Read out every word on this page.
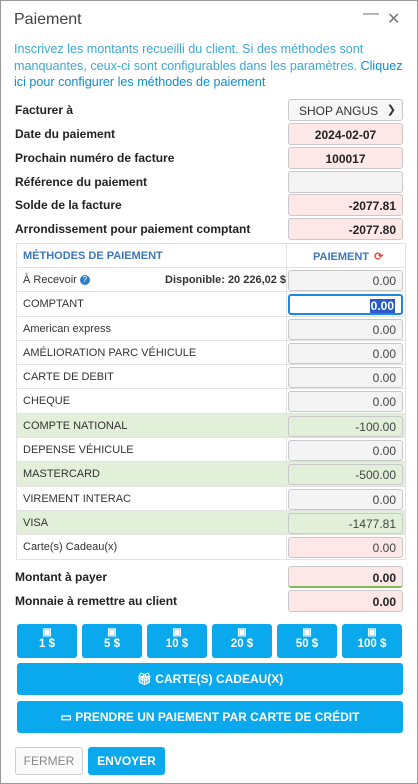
Paiement	— ✕
Inscrivez les montants recueilli du client. Si des méthodes sont manquantes, ceux-ci sont configurables dans les paramètres. Cliquez ici pour configurer les méthodes de paiement
Facturer à	SHOP ANGUS ❯
Date du paiement	2024-02-07
Prochain numéro de facture	100017
Référence du paiement
Solde de la facture	-2077.81
Arrondissement pour paiement comptant	-2077.80
MÉTHODES DE PAIEMENT	PAIEMENT ⟳
À Recevoir ?	Disponible: 20 226,02 $	0.00
COMPTANT	0.00
American express	0.00
AMÉLIORATION PARC VÉHICULE	0.00
CARTE DE DEBIT	0.00
CHEQUE	0.00
COMPTE NATIONAL	-100.00
DEPENSE VÉHICULE	0.00
MASTERCARD	-500.00
VIREMENT INTERAC	0.00
VISA	-1477.81
Carte(s) Cadeau(x)	0.00
Montant à payer	0.00
Monnaie à remettre au client	0.00
▣
1 $
▣
5 $
▣
10 $
▣
20 $
▣
50 $
▣
100 $
🎁︎ CARTE(S) CADEAU(X)
▭ PRENDRE UN PAIEMENT PAR CARTE DE CRÉDIT
FERMER	ENVOYER
